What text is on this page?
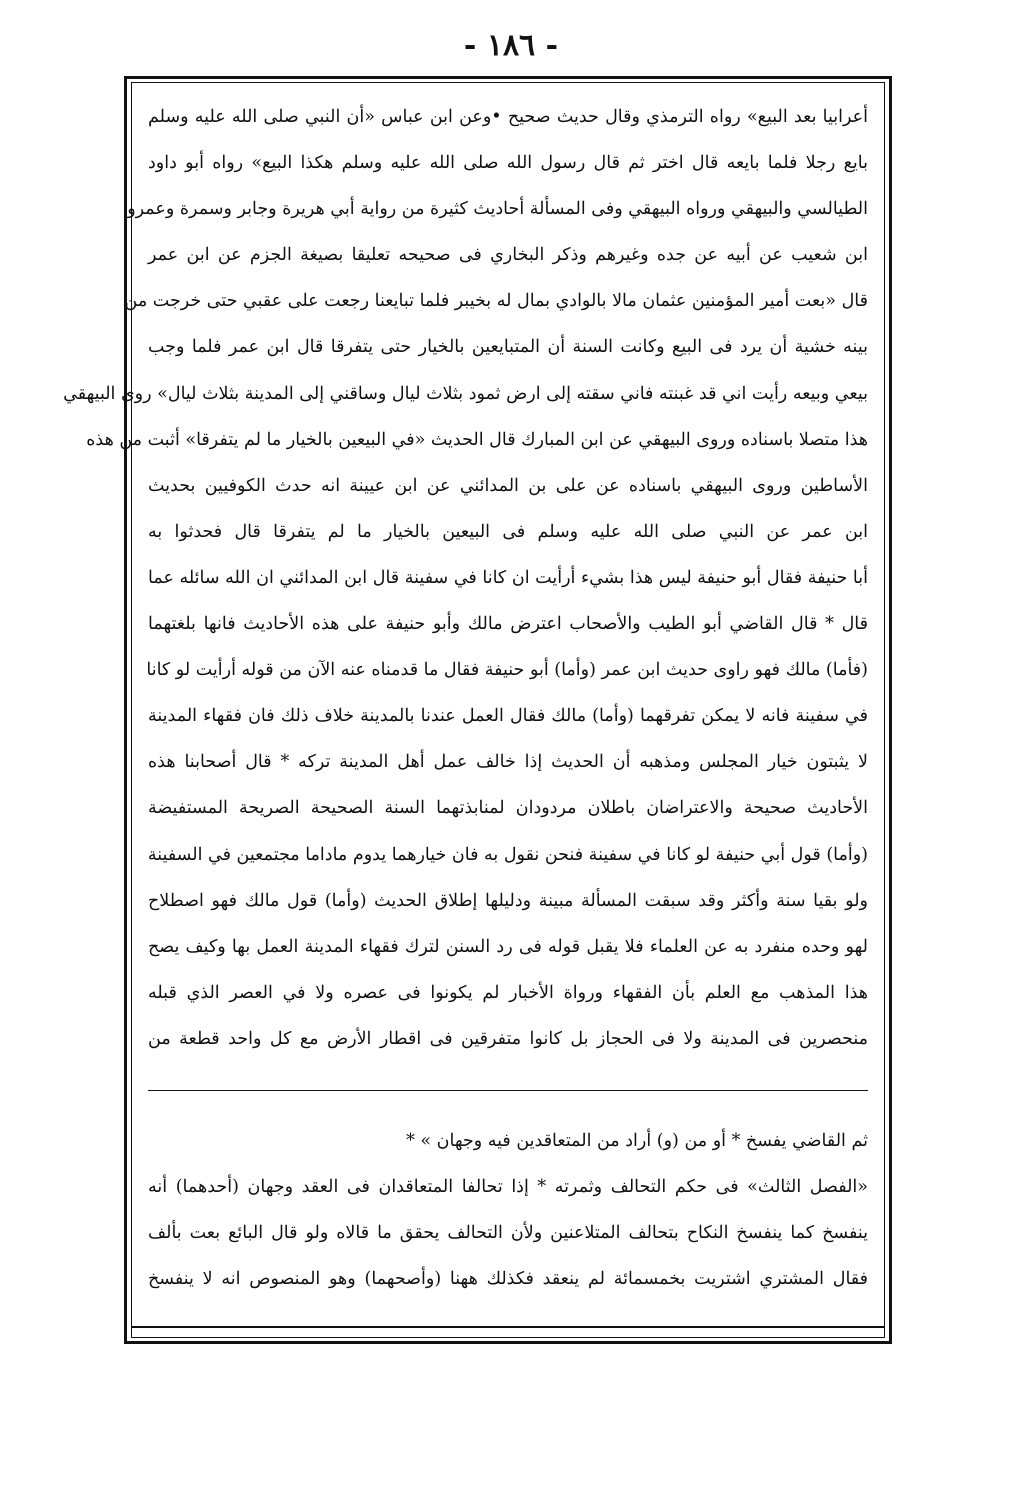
- ١٨٦ -
أعرابيا بعد البيع» رواه الترمذي وقال حديث صحيح •وعن ابن عباس «أن النبي صلى الله عليه وسلم
بايع رجلا فلما بايعه قال اختر ثم قال رسول الله صلى الله عليه وسلم هكذا البيع» رواه أبو داود
الطيالسي والبيهقي ورواه البيهقي وفى المسألة أحاديث كثيرة من رواية أبي هريرة وجابر وسمرة وعمرو
ابن شعيب عن أبيه عن جده وغيرهم وذكر البخاري فى صحيحه تعليقا بصيغة الجزم عن ابن عمر
قال «بعت أمير المؤمنين عثمان مالا بالوادي بمال له بخيبر فلما تبايعنا رجعت على عقبي حتى خرجت من
بينه خشية أن يرد فى البيع وكانت السنة أن المتبايعين بالخيار حتى يتفرقا قال ابن عمر فلما وجب
بيعي وبيعه رأيت اني قد غبنته فاني سقته إلى ارض ثمود بثلاث ليال وساقني إلى المدينة بثلاث ليال» روى البيهقي
هذا متصلا باسناده وروى البيهقي عن ابن المبارك قال الحديث «في البيعين بالخيار ما لم يتفرقا» أثبت من هذه
الأساطين وروى البيهقي باسناده عن على بن المدائني عن ابن عيينة انه حدث الكوفيين بحديث
ابن عمر عن النبي صلى الله عليه وسلم فى البيعين بالخيار ما لم يتفرقا قال فحدثوا به
أبا حنيفة فقال أبو حنيفة ليس هذا بشيء أرأيت ان كانا في سفينة قال ابن المدائني ان الله سائله عما
قال * قال القاضي أبو الطيب والأصحاب اعترض مالك وأبو حنيفة على هذه الأحاديث فانها بلغتهما
(فأما) مالك فهو راوى حديث ابن عمر (وأما) أبو حنيفة فقال ما قدمناه عنه الآن من قوله أرأيت لو كانا
في سفينة فانه لا يمكن تفرقهما (وأما) مالك فقال العمل عندنا بالمدينة خلاف ذلك فان فقهاء المدينة
لا يثبتون خيار المجلس ومذهبه أن الحديث إذا خالف عمل أهل المدينة تركه * قال أصحابنا هذه
الأحاديث صحيحة والاعتراضان باطلان مردودان لمنابذتهما السنة الصحيحة الصريحة المستفيضة
(وأما) قول أبي حنيفة لو كانا في سفينة فنحن نقول به فان خيارهما يدوم ماداما مجتمعين في السفينة
ولو بقيا سنة وأكثر وقد سبقت المسألة مبينة ودليلها إطلاق الحديث (وأما) قول مالك فهو اصطلاح
لهو وحده منفرد به عن العلماء فلا يقبل قوله فى رد السنن لترك فقهاء المدينة العمل بها وكيف يصح
هذا المذهب مع العلم بأن الفقهاء ورواة الأخبار لم يكونوا فى عصره ولا في العصر الذي قبله
منحصرين فى المدينة ولا فى الحجاز بل كانوا متفرقين فى اقطار الأرض مع كل واحد قطعة من
ثم القاضي يفسخ * أو من (و) أراد من المتعاقدين فيه وجهان » *
«الفصل الثالث» فى حكم التحالف وثمرته * إذا تحالفا المتعاقدان فى العقد وجهان (أحدهما) أنه
ينفسخ كما ينفسخ النكاح بتحالف المتلاعنين ولأن التحالف يحقق ما قالاه ولو قال البائع بعت بألف
فقال المشتري اشتريت بخمسمائة لم ينعقد فكذلك ههنا (وأصحهما) وهو المنصوص انه لا ينفسخ
